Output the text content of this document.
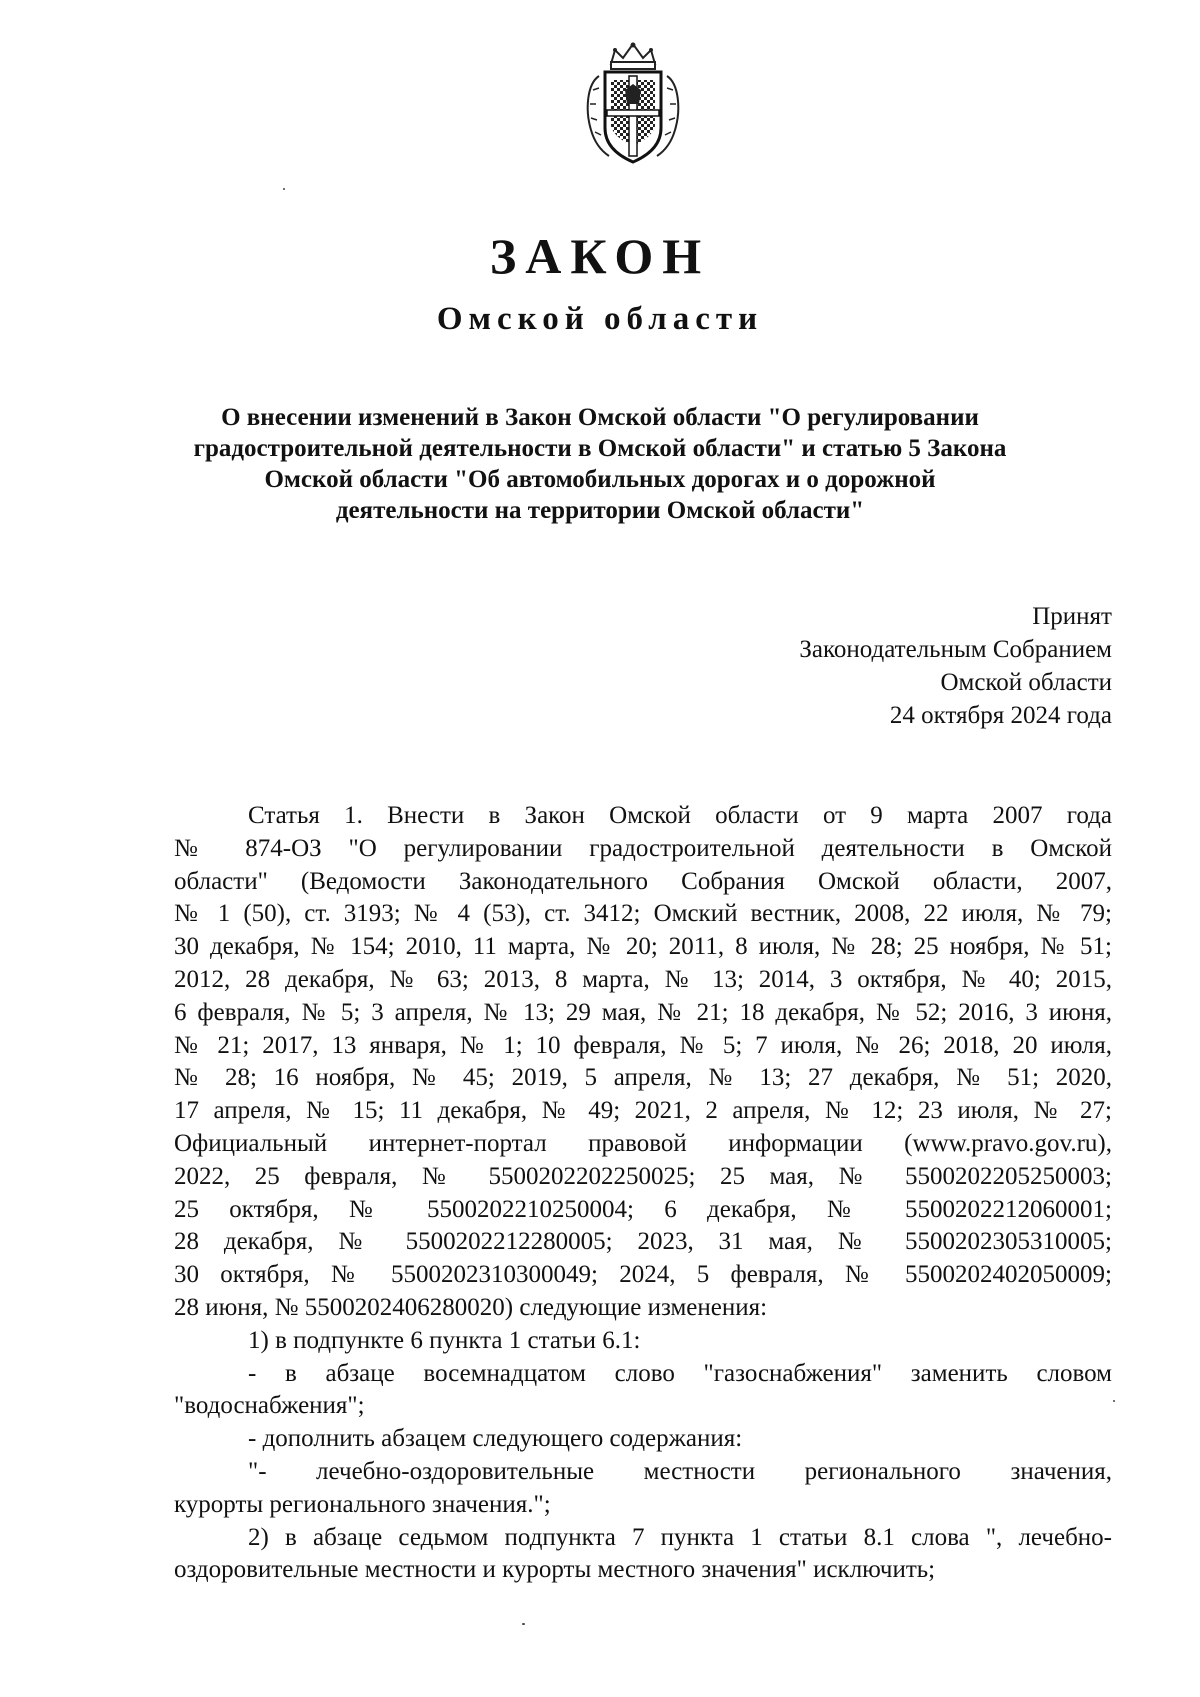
ЗАКОН
Омской области
О внесении изменений в Закон Омской области "О регулировании
градостроительной деятельности в Омской области" и статью 5 Закона
Омской области "Об автомобильных дорогах и о дорожной
деятельности на территории Омской области"
Принят
Законодательным Собранием
Омской области
24 октября 2024 года
Статья 1. Внести в Закон Омской области от 9 марта 2007 года
№ 874-ОЗ "О регулировании градостроительной деятельности в Омской
области" (Ведомости Законодательного Собрания Омской области, 2007,
№ 1 (50), ст. 3193; № 4 (53), ст. 3412; Омский вестник, 2008, 22 июля, № 79;
30 декабря, № 154; 2010, 11 марта, № 20; 2011, 8 июля, № 28; 25 ноября, № 51;
2012, 28 декабря, № 63; 2013, 8 марта, № 13; 2014, 3 октября, № 40; 2015,
6 февраля, № 5; 3 апреля, № 13; 29 мая, № 21; 18 декабря, № 52; 2016, 3 июня,
№ 21; 2017, 13 января, № 1; 10 февраля, № 5; 7 июля, № 26; 2018, 20 июля,
№ 28; 16 ноября, № 45; 2019, 5 апреля, № 13; 27 декабря, № 51; 2020,
17 апреля, № 15; 11 декабря, № 49; 2021, 2 апреля, № 12; 23 июля, № 27;
Официальный интернет-портал правовой информации (www.pravo.gov.ru),
2022, 25 февраля, № 5500202202250025; 25 мая, № 5500202205250003;
25 октября, № 5500202210250004; 6 декабря, № 5500202212060001;
28 декабря, № 5500202212280005; 2023, 31 мая, № 5500202305310005;
30 октября, № 5500202310300049; 2024, 5 февраля, № 5500202402050009;
28 июня, № 5500202406280020) следующие изменения:
1) в подпункте 6 пункта 1 статьи 6.1:
- в абзаце восемнадцатом слово "газоснабжения" заменить словом
"водоснабжения";
- дополнить абзацем следующего содержания:
"- лечебно-оздоровительные местности регионального значения,
курорты регионального значения.";
2) в абзаце седьмом подпункта 7 пункта 1 статьи 8.1 слова ", лечебно-
оздоровительные местности и курорты местного значения" исключить;
